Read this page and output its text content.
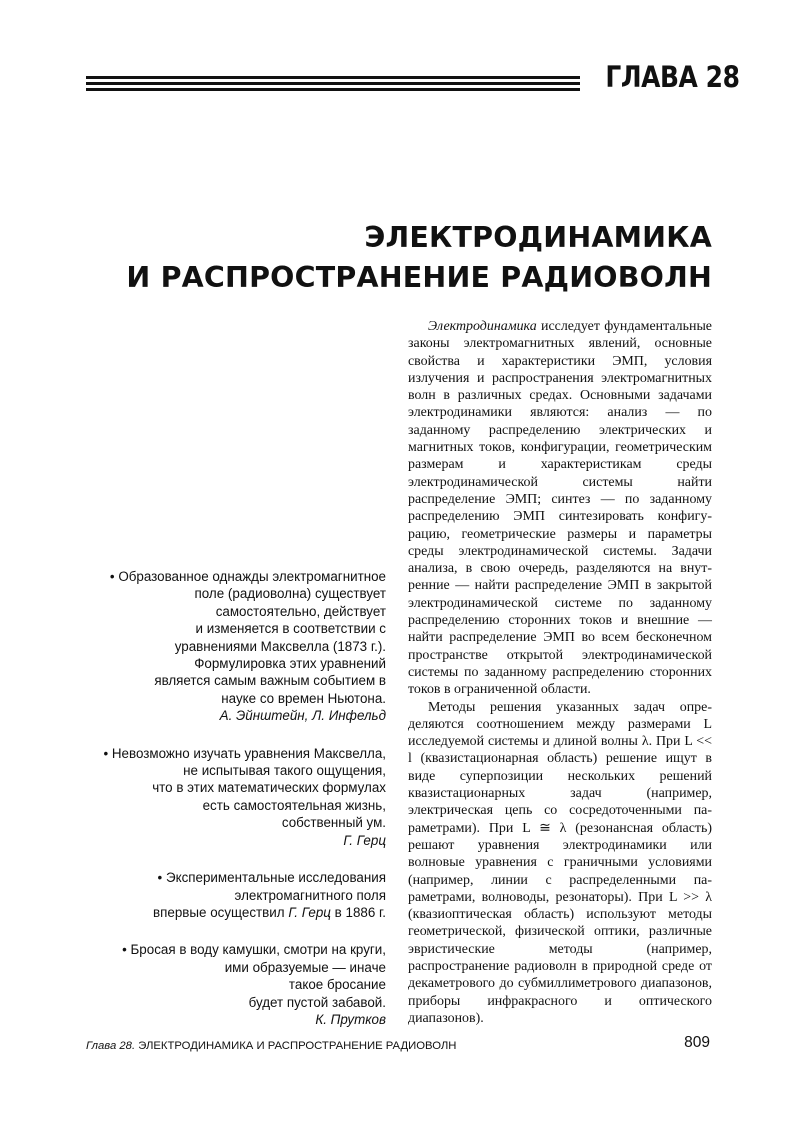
ГЛАВА 28
ЭЛЕКТРОДИНАМИКА
И РАСПРОСТРАНЕНИЕ РАДИОВОЛН
• Образованное однажды электромагнитное
поле (радиоволна) существует
самостоятельно, действует
и изменяется в соответствии с
уравнениями Максвелла (1873 г.).
Формулировка этих уравнений
является самым важным событием в
науке со времен Ньютона.
А. Эйнштейн, Л. Инфельд
• Невозможно изучать уравнения Максвелла,
не испытывая такого ощущения,
что в этих математических формулах
есть самостоятельная жизнь,
собственный ум.
Г. Герц
• Экспериментальные исследования
электромагнитного поля
впервые осуществил Г. Герц в 1886 г.
• Бросая в воду камушки, смотри на круги,
ими образуемые — иначе
такое бросание
будет пустой забавой.
К. Прутков

Электродинамика исследует фундаментальные законы электромагнитных явлений, основные свойства и характеристики ЭМП, условия излучения и распространения электромагнитных волн в различных средах. Основными задачами электродинамики являются: анализ — по заданному распределению электрических и магнитных токов, конфигурации, геометрическим размерам и характеристикам среды электродинамической системы найти распределение ЭМП; синтез — по заданному распределению ЭМП синтезировать конфигурацию, геометрические размеры и параметры среды электродинамической системы. Задачи анализа, в свою очередь, разделяются на внутренние — найти распределение ЭМП в закрытой электродинамической системе по заданному распределению сторонних токов и внешние — найти распределение ЭМП во всем бесконечном пространстве открытой электродинамической системы по заданному распределению сторонних токов в ограниченной области.

Методы решения указанных задач определяются соотношением между размерами L исследуемой системы и длиной волны λ. При L << l (квазистационарная область) решение ищут в виде суперпозиции нескольких решений квазистационарных задач (например, электрическая цепь со сосредоточенными параметрами). При L ≅ λ (резонансная область) решают уравнения электродинамики или волновые уравнения с граничными условиями (например, линии с распределенными параметрами, волноводы, резонаторы). При L >> λ (квазиоптическая область) используют методы геометрической, физической оптики, различные эвристические методы (например, распространение радиоволн в природной среде от декаметрового до субмиллиметрового диапазонов, приборы инфракрасного и оптического диапазонов).

Глава 28. ЭЛЕКТРОДИНАМИКА И РАСПРОСТРАНЕНИЕ РАДИОВОЛН	809
